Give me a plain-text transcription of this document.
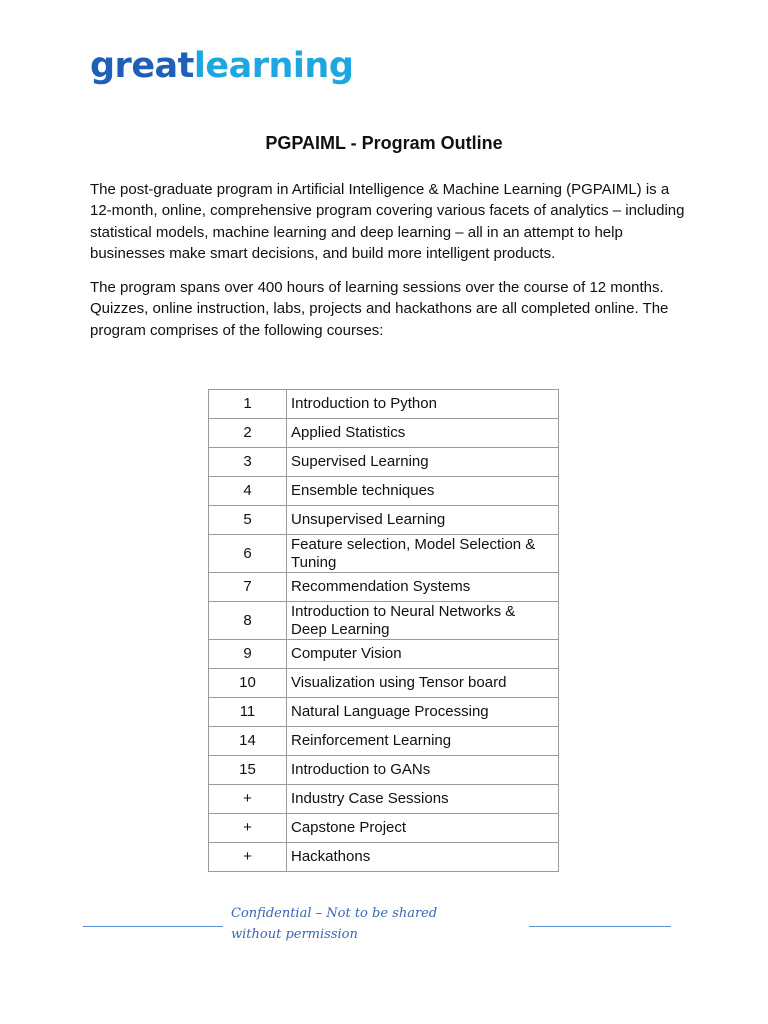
greatlearning
PGPAIML - Program Outline

The post-graduate program in Artificial Intelligence & Machine Learning (PGPAIML) is a 12-month, online, comprehensive program covering various facets of analytics – including statistical models, machine learning and deep learning – all in an attempt to help businesses make smart decisions, and build more intelligent products.

The program spans over 400 hours of learning sessions over the course of 12 months. Quizzes, online instruction, labs, projects and hackathons are all completed online. The program comprises of the following courses:

1	Introduction to Python
2	Applied Statistics
3	Supervised Learning
4	Ensemble techniques
5	Unsupervised Learning
6	Feature selection, Model Selection & Tuning
7	Recommendation Systems
8	Introduction to Neural Networks & Deep Learning
9	Computer Vision
10	Visualization using Tensor board
11	Natural Language Processing
14	Reinforcement Learning
15	Introduction to GANs
+	Industry Case Sessions
+	Capstone Project
+	Hackathons

Confidential – Not to be shared without permission
